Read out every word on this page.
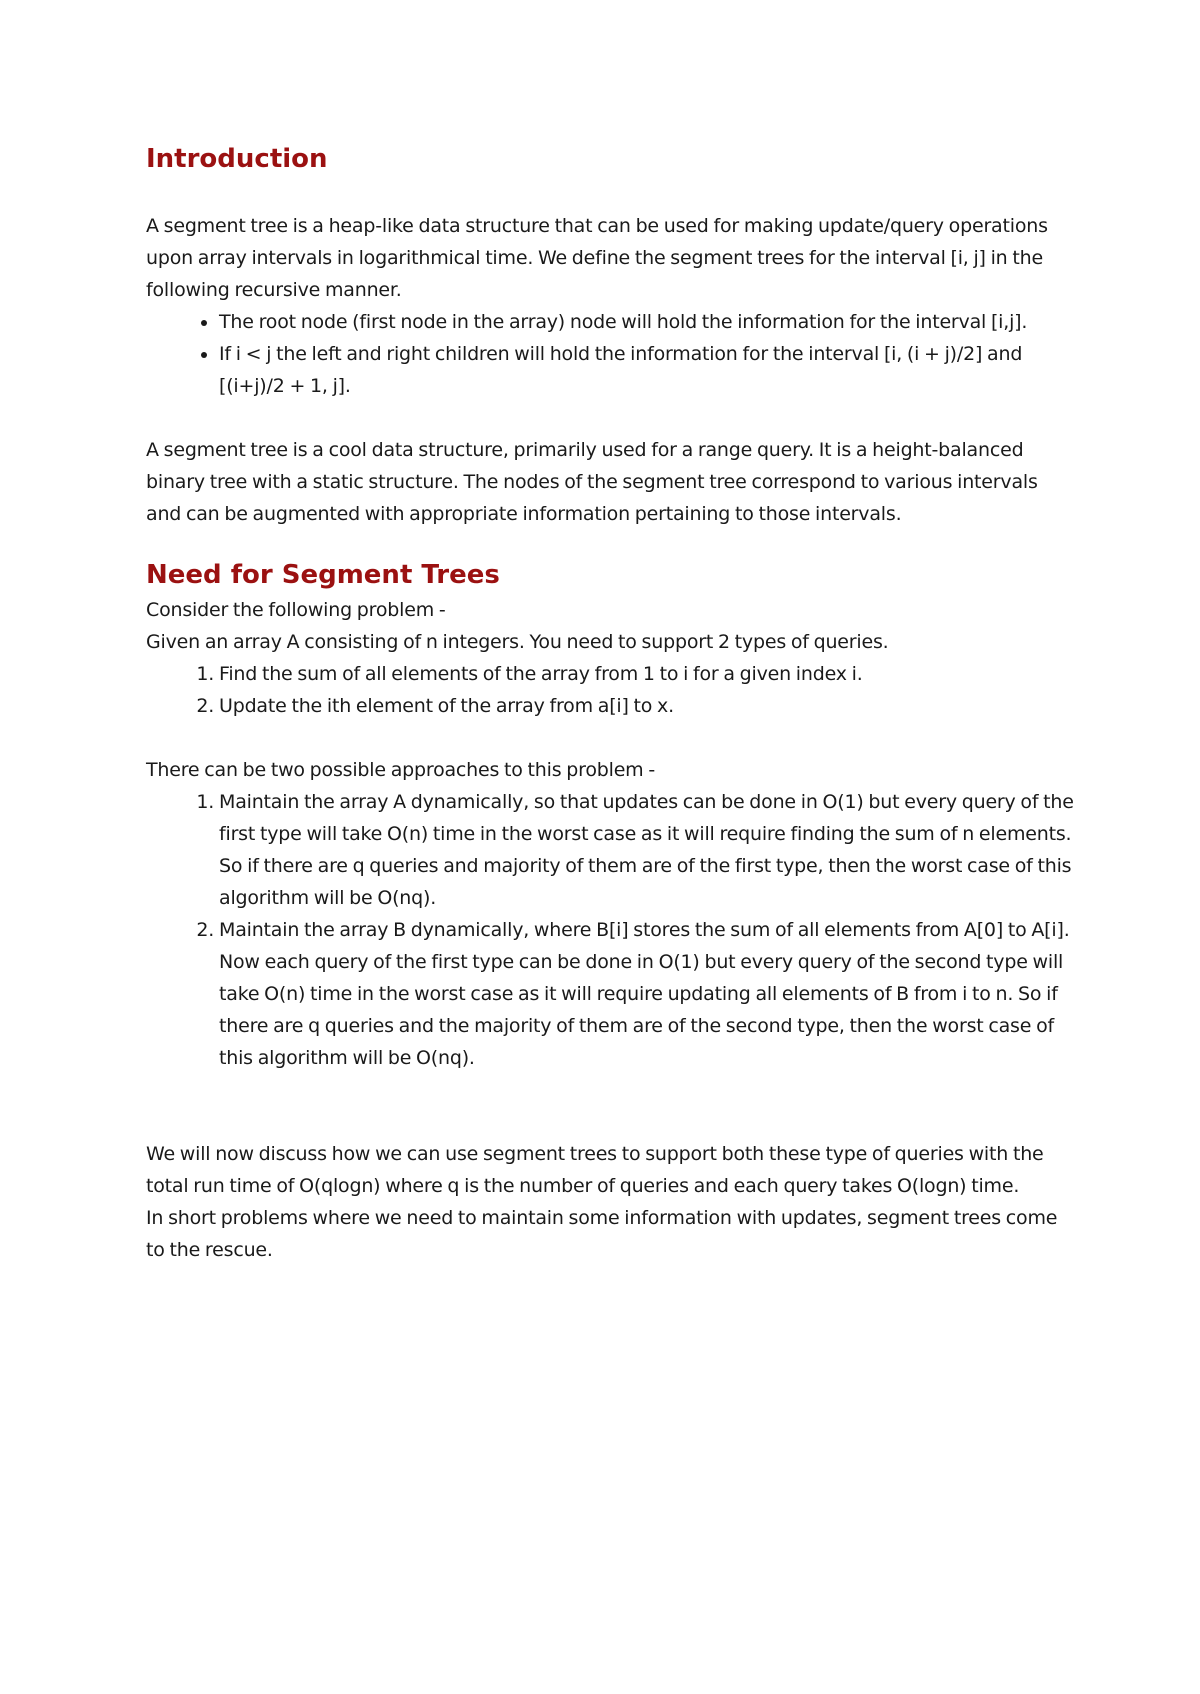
Introduction

A segment tree is a heap-like data structure that can be used for making update/query operations upon array intervals in logarithmical time. We define the segment trees for the interval [i, j] in the following recursive manner.

• The root node (first node in the array) node will hold the information for the interval [i,j].
• If i < j the left and right children will hold the information for the interval [i, (i + j)/2] and [(i+j)/2 + 1, j].

A segment tree is a cool data structure, primarily used for a range query. It is a height-balanced binary tree with a static structure. The nodes of the segment tree correspond to various intervals and can be augmented with appropriate information pertaining to those intervals.

Need for Segment Trees

Consider the following problem -

Given an array A consisting of n integers. You need to support 2 types of queries.

1. Find the sum of all elements of the array from 1 to i for a given index i.
2. Update the ith element of the array from a[i] to x.

There can be two possible approaches to this problem -

1. Maintain the array A dynamically, so that updates can be done in O(1) but every query of the first type will take O(n) time in the worst case as it will require finding the sum of n elements. So if there are q queries and majority of them are of the first type, then the worst case of this algorithm will be O(nq).
2. Maintain the array B dynamically, where B[i] stores the sum of all elements from A[0] to A[i]. Now each query of the first type can be done in O(1) but every query of the second type will take O(n) time in the worst case as it will require updating all elements of B from i to n. So if there are q queries and the majority of them are of the second type, then the worst case of this algorithm will be O(nq).

We will now discuss how we can use segment trees to support both these type of queries with the total run time of O(qlogn) where q is the number of queries and each query takes O(logn) time.

In short problems where we need to maintain some information with updates, segment trees come to the rescue.
